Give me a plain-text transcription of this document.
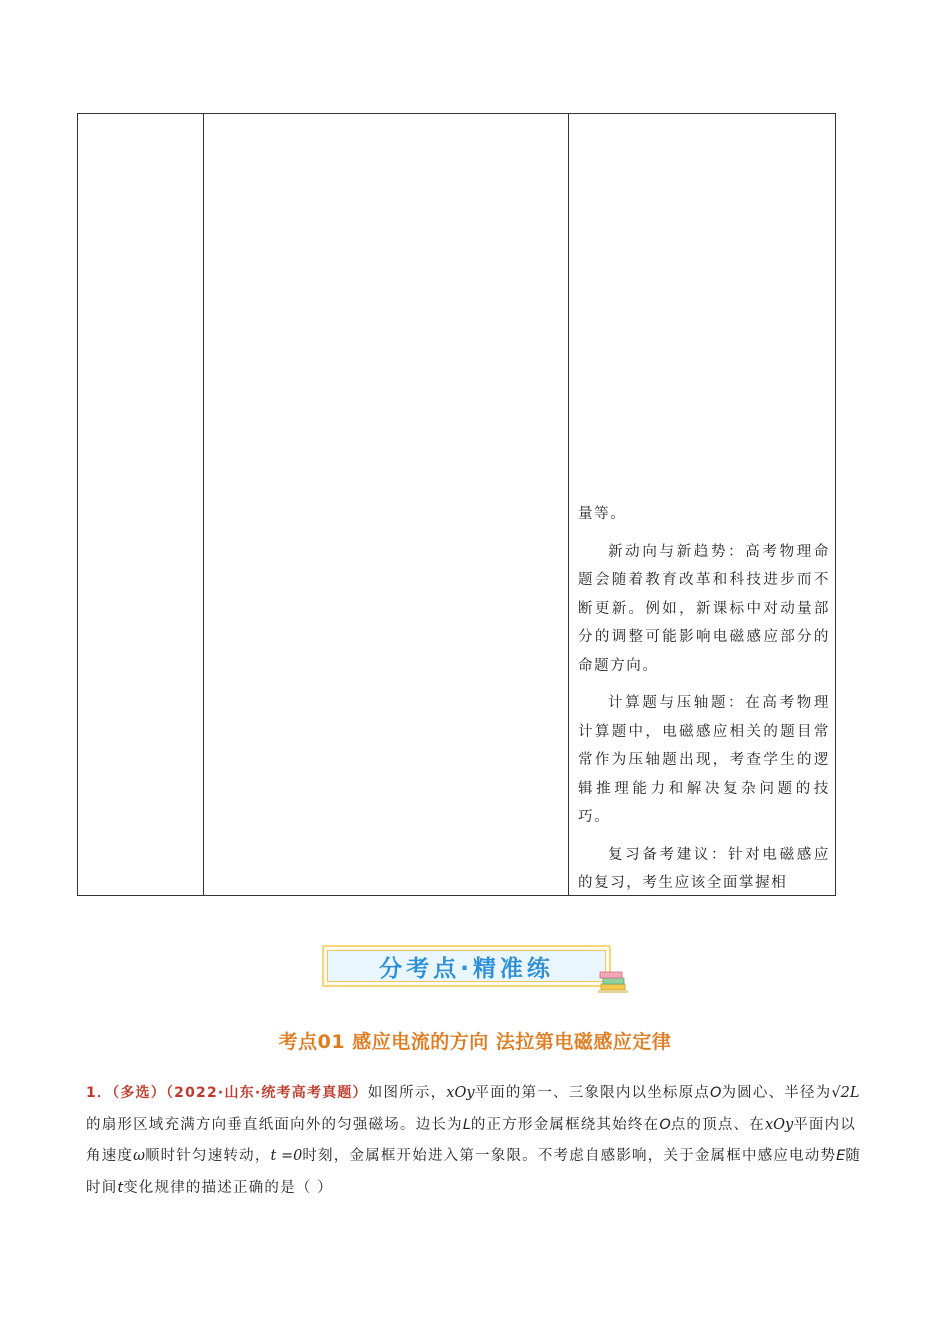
量等。

新动向与新趋势：高考物理命题会随着教育改革和科技进步而不断更新。例如，新课标中对动量部分的调整可能影响电磁感应部分的命题方向。

计算题与压轴题：在高考物理计算题中，电磁感应相关的题目常常作为压轴题出现，考查学生的逻辑推理能力和解决复杂问题的技巧。

复习备考建议：针对电磁感应的复习，考生应该全面掌握相

分考点·精准练
考点01 感应电流的方向 法拉第电磁感应定律
1．（多选）（2022·山东·统考高考真题）如图所示，xOy平面的第一、三象限内以坐标原点O为圆心、半径为√2L的扇形区域充满方向垂直纸面向外的匀强磁场。边长为L的正方形金属框绕其始终在O点的顶点、在xOy平面内以角速度ω顺时针匀速转动，t =0时刻，金属框开始进入第一象限。不考虑自感影响，关于金属框中感应电动势E随时间t变化规律的描述正确的是（ ）
